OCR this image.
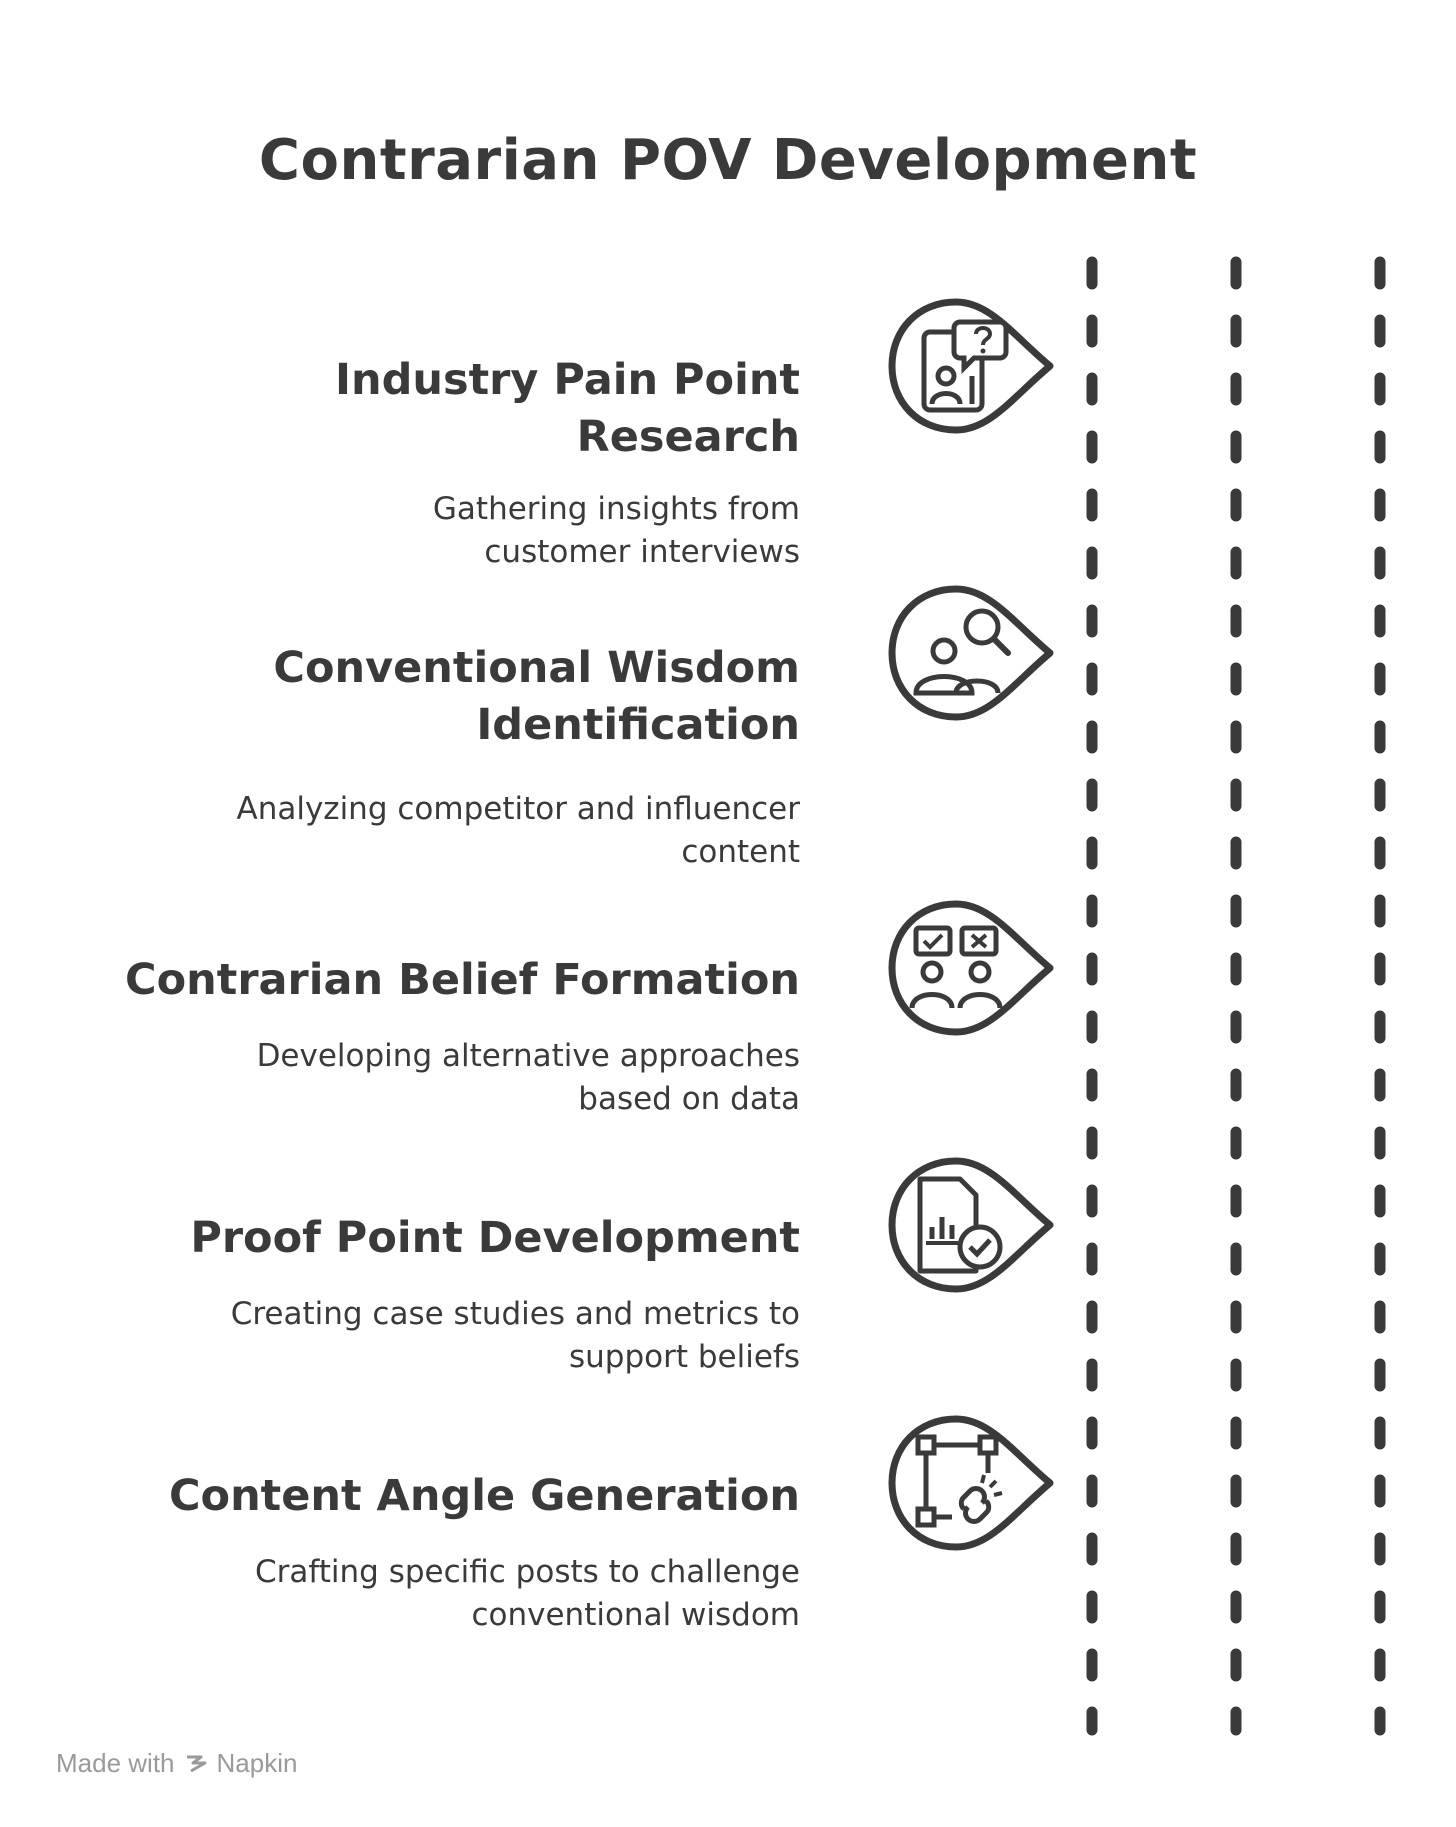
Contrarian POV Development
Industry Pain Point
Research
Gathering insights from
customer interviews
Conventional Wisdom
Identification
Analyzing competitor and influencer
content
Contrarian Belief Formation
Developing alternative approaches
based on data
Proof Point Development
Creating case studies and metrics to
support beliefs
Content Angle Generation
Crafting specific posts to challenge
conventional wisdom
Made with Napkin
